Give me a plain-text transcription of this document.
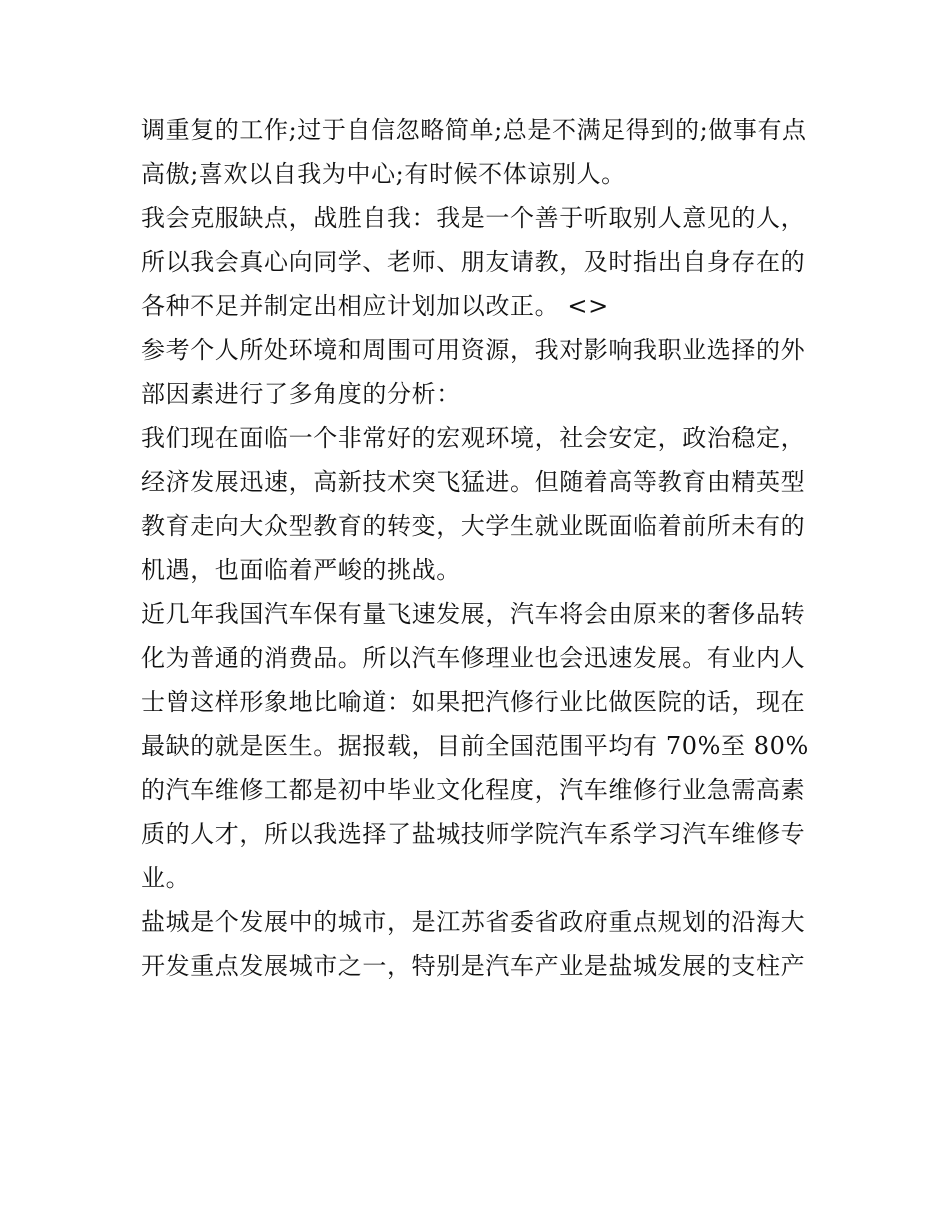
调重复的工作;过于自信忽略简单;总是不满足得到的;做事有点
高傲;喜欢以自我为中心;有时候不体谅别人。
我会克服缺点，战胜自我：我是一个善于听取别人意见的人，
所以我会真心向同学、老师、朋友请教，及时指出自身存在的
各种不足并制定出相应计划加以改正。 <>
参考个人所处环境和周围可用资源，我对影响我职业选择的外
部因素进行了多角度的分析：
我们现在面临一个非常好的宏观环境，社会安定，政治稳定，
经济发展迅速，高新技术突飞猛进。但随着高等教育由精英型
教育走向大众型教育的转变，大学生就业既面临着前所未有的
机遇，也面临着严峻的挑战。
近几年我国汽车保有量飞速发展，汽车将会由原来的奢侈品转
化为普通的消费品。所以汽车修理业也会迅速发展。有业内人
士曾这样形象地比喻道：如果把汽修行业比做医院的话，现在
最缺的就是医生。据报载，目前全国范围平均有 70%至 80%
的汽车维修工都是初中毕业文化程度，汽车维修行业急需高素
质的人才，所以我选择了盐城技师学院汽车系学习汽车维修专
业。
盐城是个发展中的城市，是江苏省委省政府重点规划的沿海大
开发重点发展城市之一，特别是汽车产业是盐城发展的支柱产
